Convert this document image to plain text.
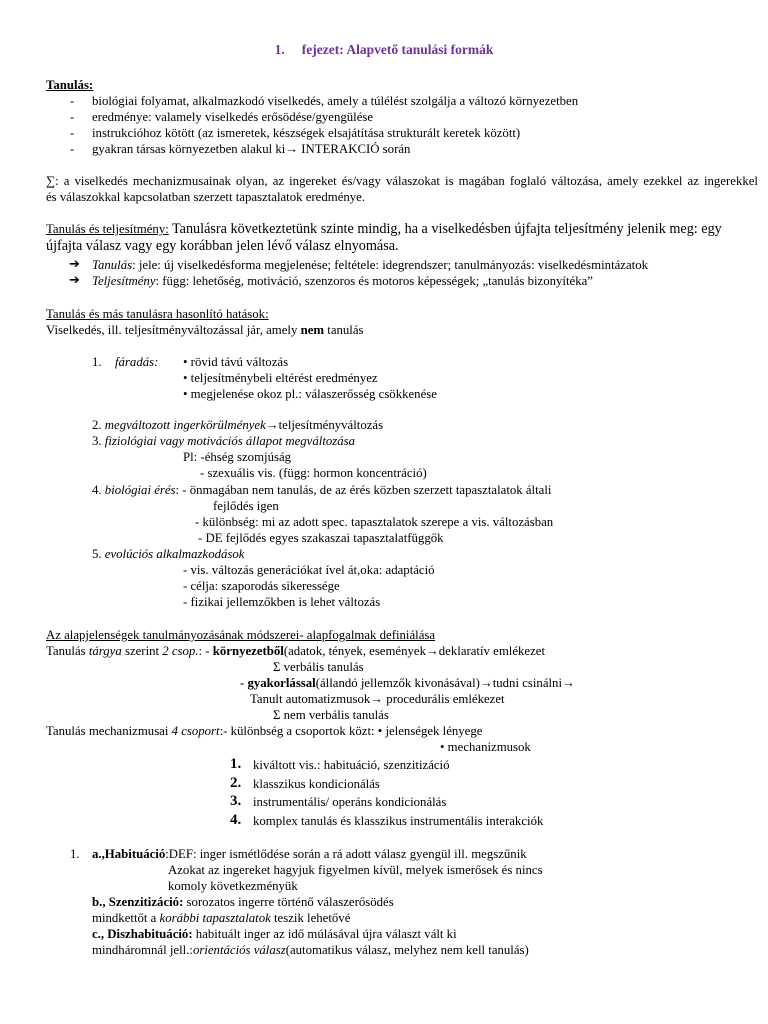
1. fejezet: Alapvető tanulási formák
Tanulás:
- biológiai folyamat, alkalmazkodó viselkedés, amely a túlélést szolgálja a változó környezetben
- eredménye: valamely viselkedés erősödése/gyengülése
- instrukcióhoz kötött (az ismeretek, készségek elsajátítása strukturált keretek között)
- gyakran társas környezetben alakul ki→ INTERAKCIÓ során
∑: a viselkedés mechanizmusainak olyan, az ingereket és/vagy válaszokat is magában foglaló változása, amely ezekkel az ingerekkel
és válaszokkal kapcsolatban szerzett tapasztalatok eredménye.
Tanulás és teljesítmény: Tanulásra következtetünk szinte mindig, ha a viselkedésben újfajta teljesítmény jelenik meg: egy
újfajta válasz vagy egy korábban jelen lévő válasz elnyomása.
➔ Tanulás: jele: új viselkedésforma megjelenése; feltétele: idegrendszer; tanulmányozás: viselkedésmintázatok
➔ Teljesítmény: függ: lehetőség, motiváció, szenzoros és motoros képességek; „tanulás bizonyítéka”
Tanulás és más tanulásra hasonlító hatások:
Viselkedés, ill. teljesítményváltozással jár, amely nem tanulás
1. fáradás: • rövid távú változás
• teljesítménybeli eltérést eredményez
• megjelenése okoz pl.: válaszerősség csökkenése
2. megváltozott ingerkörülmények→teljesítményváltozás
3. fiziológiai vagy motivációs állapot megváltozása
Pl: -éhség szomjúság
- szexuális vis. (függ: hormon koncentráció)
4. biológiai érés: - önmagában nem tanulás, de az érés közben szerzett tapasztalatok általi
fejlődés igen
- különbség: mi az adott spec. tapasztalatok szerepe a vis. változásban
- DE fejlődés egyes szakaszai tapasztalatfüggők
5. evolúciós alkalmazkodások
- vis. változás generációkat ível át,oka: adaptáció
- célja: szaporodás sikeressége
- fizikai jellemzőkben is lehet változás
Az alapjelenségek tanulmányozásának módszerei- alapfogalmak definiálása
Tanulás tárgya szerint 2 csop.: - környezetből(adatok, tények, események→deklaratív emlékezet
Σ verbális tanulás
- gyakorlással(állandó jellemzők kivonásával)→tudni csinálni→
Tanult automatizmusok→ procedurális emlékezet
Σ nem verbális tanulás
Tanulás mechanizmusai 4 csoport:- különbség a csoportok közt: • jelenségek lényege
• mechanizmusok
1. kiváltott vis.: habituáció, szenzitizáció
2. klasszikus kondicionálás
3. instrumentális/ operáns kondicionálás
4. komplex tanulás és klasszikus instrumentális interakciók
1. a.,Habituáció:DEF: inger ismétlődése során a rá adott válasz gyengül ill. megszűnik
Azokat az ingereket hagyjuk figyelmen kívül, melyek ismerősek és nincs
komoly következményük
b., Szenzitizáció: sorozatos ingerre történő válaszerősödés
mindkettőt a korábbi tapasztalatok teszik lehetővé
c., Diszhabituáció: habituált inger az idő múlásával újra választ vált ki
mindháromnál jell.:orientációs válasz(automatikus válasz, melyhez nem kell tanulás)
